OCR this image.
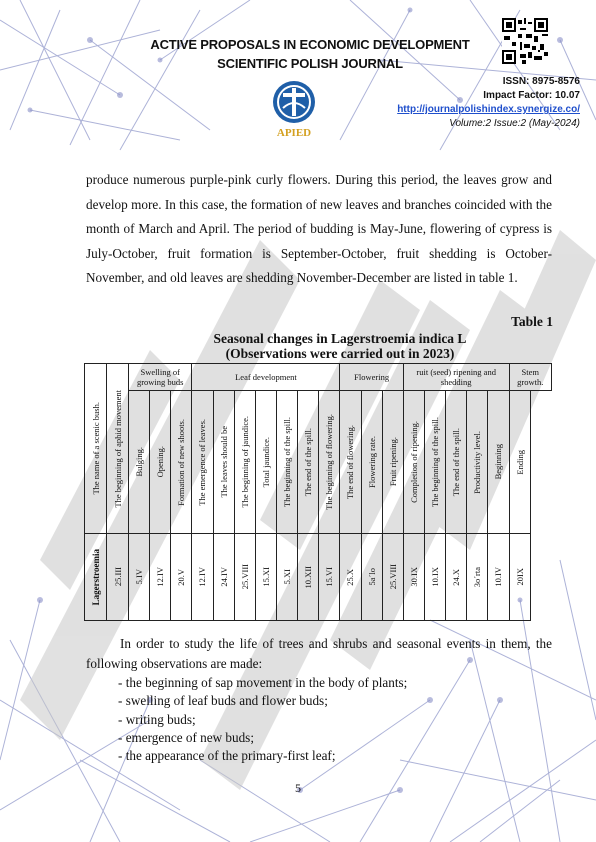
ACTIVE PROPOSALS IN ECONOMIC DEVELOPMENT
SCIENTIFIC POLISH JOURNAL
APIED
ISSN: 8975-8576
Impact Factor: 10.07
http://journalpolishindex.synergize.co/
Volume:2 Issue:2 (May-2024)

produce numerous purple-pink curly flowers. During this period, the leaves grow and develop more. In this case, the formation of new leaves and branches coincided with the month of March and April. The period of budding is May-June, flowering of cypress is July-October, fruit formation is September-October, fruit shedding is October-November, and old leaves are shedding November-December are listed in table 1.

Table 1
Seasonal changes in Lagerstroemia indica L
(Observations were carried out in 2023)
The name of a scenic bush.	The beginning of aphid movement	Swelling of growing buds			Leaf development							Flowering			ruit (seed) ripening and shedding					Stem growth.

		Bulging.	Opening.	Formation of new shoots.	The emergence of leaves.	The leaves should be	The beginning of jaundice.	Total jaundice.	The beginning of the spill.	The end of the spill.	The beginning of flowering.	The end of flowering.	Flowering rate.	Fruit ripening.	Completion of ripening.	The beginning of the spill.	The end of the spill.	Productivity level.	Beginning	Ending

Lagerstroemia	25.III	5.IV	12.IV	20.V	12.IV	24.IV	25.VIII	15.XI	5.XI	10.XII	15.VI	25.X	5a´lo	25.VIII	30.IX	10.IX	24.X	3o´rta	10.IV	20IX

In order to study the life of trees and shrubs and seasonal events in them, the following observations are made:

- the beginning of sap movement in the body of plants;
- swelling of leaf buds and flower buds;
- writing buds;
- emergence of new buds;
- the appearance of the primary-first leaf;
5
